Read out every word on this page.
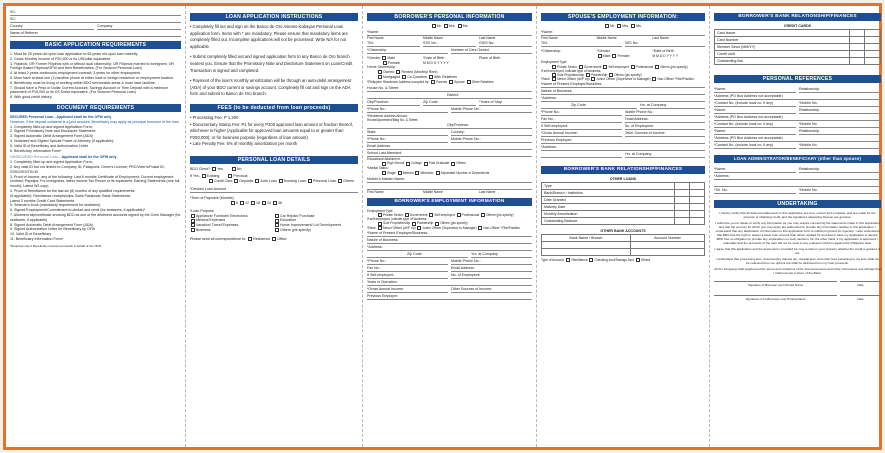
SC:
SC:
Country	Company
Name of Referrer
BASIC APPLICATION REQUIREMENTS
1. Must be 25 years old upon loan application to 65 years old upon loan maturity
2. Gross Monthly Income of P20,000 or its USDollar equivalent.
3. Filipinos; OR Former Filipinos with or without dual citizenship; OR Filipinos married to foreigners; OR Foreign Based Filipinos/OFW and their Beneficiaries. (For Secured Personal Loan)
4. At least 2 years continuous employment contract; 3 years for other employment.
5. Must have at least one (1) landline phone at either local or foreign residence or employment location.
6. Beneficiary must be living or working within BDO serviceable areas & must have landline.
7. Should have a Peso or Dollar Current Account, Savings Account or Time Deposit with a minimum placement of P15,000 or its US Dollar equivalent. (For Secured Personal Loan)
8. With good credit history.
DOCUMENT REQUIREMENTS
SECURED Personal Loan - Applicant shall be the OFW only
However, if the deposit collateral is a joint account, Beneficiary may apply as principal borrower of the loan.
1. Completely filled up and signed Application Form;
2. Signed Promissory Note and Disclosure Statement;
3. Signed Automatic Debit Arrangement Form (ADA)
4. Notarized and Signed Special Power of Attorney (if applicable);
5. Valid ID of Beneficiary and Authorization Letter
6. Beneficiary Information Form*
UNSECURED Personal Loan - Applicant shall be the OFW only
1. Completely filled up and signed Application Form;
2. Any valid ID but not limited to Company ID, Passports; Driver's License; PRC/Voter's/Postal ID; SSS/GSIS/TIN ID
3. Proof of Income, any of the following: Last 6 months Certificate of Employment; Current employment contract; Payslips; For immigrants, latest Income Tax Return or its equivalent; Earning Statements (one full month); Latest W2 copy;
4. Proof of Remittance for the last six (6) months of any qualified requirements:
(if applicable): Remittance receipts/slips; Bank Passbook; Bank Statements;
Latest 3 months Credit Card Statements
5. Seaman's book (mandatory requirement for seafarers)
6. Signed Employment/Commitment to deduct and remit (for seafarers, if applicable)*
7. Allotment slip/certificate showing BDO as one of the allotment accounts signed by the Crew Manager (for seafarers, if applicable)
8. Signed Automatic Debit Arrangement Form (ADA)
9. Signed Authorization Letter for Beneficiary by OFW
10. Valid ID of Beneficiary
11. Beneficiary Information Form*
*Required only if Beneficiary receives proceeds in behalf of the OFW
LOAN APPLICATION INSTRUCTIONS
• Completely fill out and sign on the Banco de Oro Asenso Kabayan Personal Loan application form. Items with * are mandatory. Please ensure that mandatory items are completely filled out. Incomplete applications will not be processed. Write N/A for not applicable.
• Submit completely filled out and signed application form to any Banco de Oro branch nearest you. Ensure that the Promissory Note and Disclosure Statement on Loan/Credit Transaction is signed and completed.
• Payment of the loan's monthly amortization will be through an auto-debit arrangement (ADA) of your BDO current or savings account. Completely fill out and sign on the ADA form and submit to Banco de Oro branch.
FEES (to be deducted from loan proceeds)
• Processing Fee: P 1,200
• Documentary Stamp Fee: P1 for every P200 approved loan amount or fraction thereof, whichever is higher (Applicable for approved loan amounts equal to or greater than P250,000); or for business purpose (regardless of loan amount)
• Late Penalty Fee: 5% of monthly amortization per month
PERSONAL LOAN DETAILS
BDO Client? Yes	No
If Yes, Existing	Previous
Credit Card Deposits Auto Loan Housing Loan Personal Loan Others
*Desired Loan Amount
*Term of Payment (Months)
6 12 18 24 36
*Loan Purpose
Appliance/ Furniture/ Electronics	Car Repair/ Purchase
Medical Expenses	Education
Vacation/ Travel Expenses	Home Improvement/ Lot Development
Business	Others (pls specify)
Please send all correspondence to: Residence Office
BORROWER'S PERSONAL INFORMATION
Mr. Mrs. Ms.
*Name:
First Name	Middle Name	Last Name
TIN:	SSS No.:	GSIS No.:
*Citizenship:	Number of Cars Owned
*Gender Male
Female
*Date of Birth
M M D D Y Y Y Y
Place of Birth
Home Ownership:
Owned Rented (Monthly Rent)
Mortgaged Co-Quarters With Relatives
*Philippine Residence Address occupied by: Parents Spouse Other Relatives
House No. & Street:
District:
City/Province:	Zip Code:	*Years of Stay:
*Phone No.:	Mobile Phone No.:
*Residence Address Abroad:
House/Apartment/Bldg No. & Street:
City/Province:
State:	Country:
*Phone No.:	Mobile Phone No.:
Email Address:
School Last Attended:
Educational Attainment:
High School College Post Graduate Others
*Marital Status:
Single Married Widow/er Separated Number of Dependents
Mother's Maiden Name:
First Name	Middle Name	Last Name
BORROWER'S EMPLOYMENT INFORMATION
Employment Type:
Private Sector Government Self-employed Professional Others (pls specify)
If self-employed, indicate type of business:
Sole Proprietorship Partnership Others (pls specify)
*Rank Senior Officer (AVP up) Junior Officer (Supervisor to Manager) Non-Officer *Title/Position
*Name of Present Employer/Business:
Nature of Business:
*Address:
Zip Code:	Yrs. at Company
*Phone No.:	Mobile Phone No.:
Fax No.:	Email Address:
If Self-employed:	No. of Employees:
Years in Operation:
*Gross Annual Income:	Other Sources of Income:
Previous Employer:
SPOUSE'S EMPLOYMENT INFORMATION:
Mr. Mrs. Ms.
*Name:
First Name	Middle Name	Last Name
TIN:	SSS No.:
*Citizenship:	*Gender
Male Female
*Date of Birth
M M D D Y Y Y Y
Employment Type:
Private Sector Government Self-employed Professional Others (pls specify)
If self-employed, indicate type of business:
Sole Proprietorship Partnership Others (pls specify)
*Rank Senior Officer (AVP up) Junior Officer (Supervisor to Manager) Non-Officer *Title/Position
*Name of Present Employer/Business:
Nature of Business:
*Address:
Zip Code:	Yrs. at Company
*Phone No.:	Mobile Phone No.:
Fax No.:	Email Address:
If Self-employed:	No. of Employees:
*Gross Annual Income:	Other Sources of Income:
Previous Employer:
*Address:
Yrs. at Company
BORROWER'S BANK RELATIONSHIP/FINANCES
OTHER LOANS
Type		
Bank/Branch / Institution		
Date Granted		
Maturity Date		
Monthly Amortization		
Outstanding Balance		
OTHER BANK ACCOUNTS
Bank Name / Branch	Account Number

Type of Account: Remittance Checking Acct/Savings Acct Others
BORROWER'S BANK RELATIONSHIP/FINANCES
CREDIT CARDS
Card Issuer		
Card Number		
Member Since (MM/YY)		
Credit Limit		
Outstanding Bal.		
PERSONAL REFERENCES
*Name:	Relationship:
*Address (PO Box Address not acceptable)
*Contact No. (include local no. if any)	*Mobile No.
*Name:	Relationship:
*Address (PO Box Address not acceptable)
*Contact No. (include local no. if any)	*Mobile No.
*Name:	Relationship:
*Address (PO Box Address not acceptable)
*Contact No. (include local no. if any)	*Mobile No.
LOAN ADMINISTRATOR/BENEFICIARY (other than spouse)
*Name:	Relationship:
*Address:
*Tel. No.	*Mobile No.
UNDERTAKING
I hereby certify that all data and statements in this application are true, correct and complete, and are made for the purpose of obtaining credit, and the signatures appearing thereon are genuine.
I authorize you to obtain or verify any information as you may require concerning the statements made in this application and that the sources for which you may apply are authorized to provide any information relative to this application. I understand that any falsification of information in this application form is sufficient ground for rejection. I also understand that BDO has the right to assign a lower loan amount than what I applied for and that in case my application is denied, BDO has no obligation to provide any explanation on such decision. On the other hand, if my application is approved, I undertake that the proceeds of the loan will not be used in any endeavor which is against the Philippine laws.
I agree that this application and the documents I provided for may remain in your property whether the credit is granted or not.
I understand that processing fees, documentary stamps tax, notarial fees, and other fees pertaining to my loan shall not be collected from me upfront but shall be deducted from my loan proceeds.
All the foregoing shall supplement the terms and conditions of the loan documents and other instruments and writings that I shall execute in favor of the Bank.
Signature of Borrower over Printed Name	Date
Signature of Co-Borrower over Printed Name	Date
